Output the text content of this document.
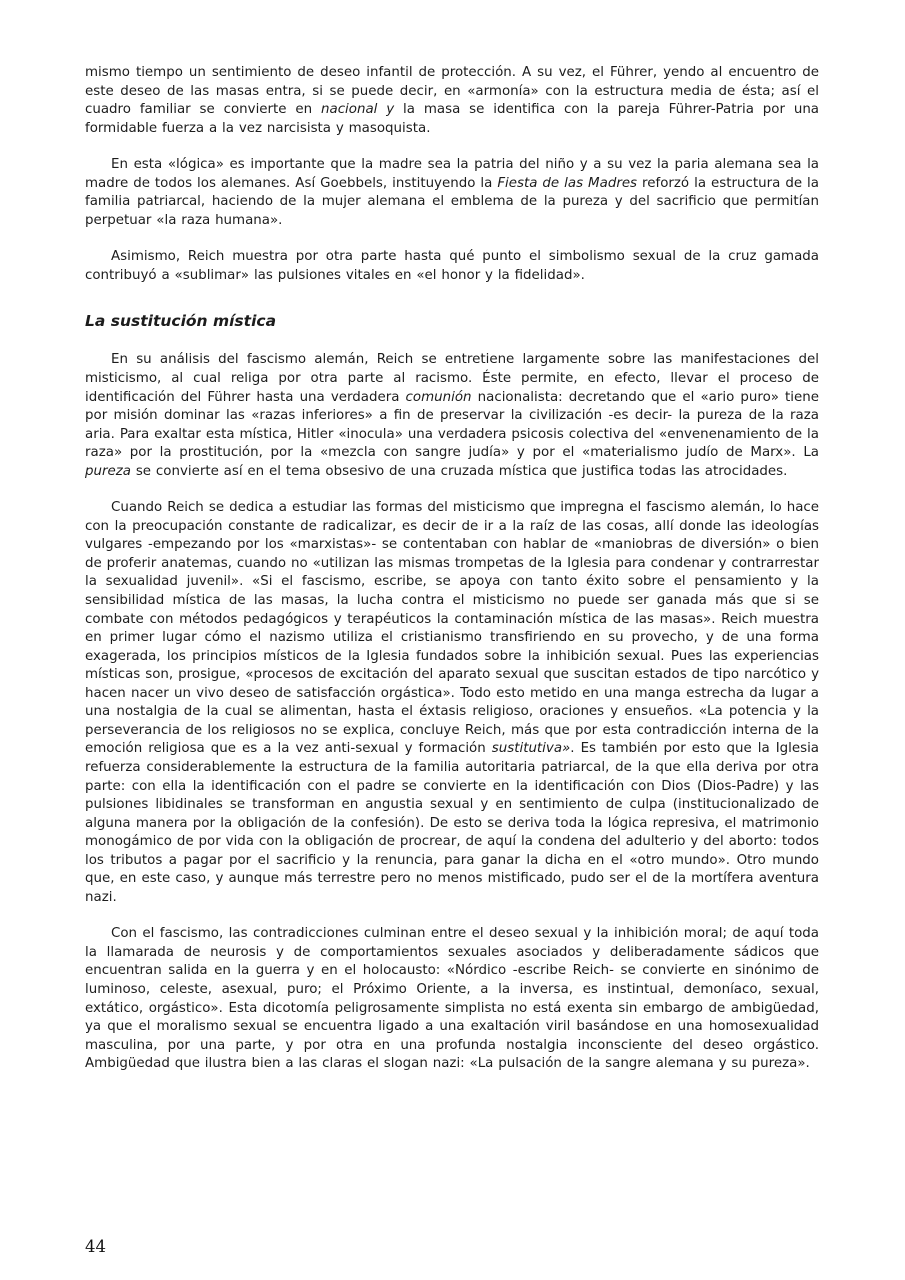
mismo tiempo un sentimiento de deseo infantil de protección. A su vez, el Führer, yendo al encuentro de este deseo de las masas entra, si se puede decir, en «armonía» con la estructura media de ésta; así el cuadro familiar se convierte en nacional y la masa se identifica con la pareja Führer-Patria por una formidable fuerza a la vez narcisista y masoquista.

En esta «lógica» es importante que la madre sea la patria del niño y a su vez la paria alemana sea la madre de todos los alemanes. Así Goebbels, instituyendo la Fiesta de las Madres reforzó la estructura de la familia patriarcal, haciendo de la mujer alemana el emblema de la pureza y del sacrificio que permitían perpetuar «la raza humana».

Asimismo, Reich muestra por otra parte hasta qué punto el simbolismo sexual de la cruz gamada contribuyó a «sublimar» las pulsiones vitales en «el honor y la fidelidad».

La sustitución mística

En su análisis del fascismo alemán, Reich se entretiene largamente sobre las manifestaciones del misticismo, al cual religa por otra parte al racismo. Éste permite, en efecto, llevar el proceso de identificación del Führer hasta una verdadera comunión nacionalista: decretando que el «ario puro» tiene por misión dominar las «razas inferiores» a fin de preservar la civilización -es decir- la pureza de la raza aria. Para exaltar esta mística, Hitler «inocula» una verdadera psicosis colectiva del «envenenamiento de la raza» por la prostitución, por la «mezcla con sangre judía» y por el «materialismo judío de Marx». La pureza se convierte así en el tema obsesivo de una cruzada mística que justifica todas las atrocidades.

Cuando Reich se dedica a estudiar las formas del misticismo que impregna el fascismo alemán, lo hace con la preocupación constante de radicalizar, es decir de ir a la raíz de las cosas, allí donde las ideologías vulgares -empezando por los «marxistas»- se contentaban con hablar de «maniobras de diversión» o bien de proferir anatemas, cuando no «utilizan las mismas trompetas de la Iglesia para condenar y contrarrestar la sexualidad juvenil». «Si el fascismo, escribe, se apoya con tanto éxito sobre el pensamiento y la sensibilidad mística de las masas, la lucha contra el misticismo no puede ser ganada más que si se combate con métodos pedagógicos y terapéuticos la contaminación mística de las masas». Reich muestra en primer lugar cómo el nazismo utiliza el cristianismo transfiriendo en su provecho, y de una forma exagerada, los principios místicos de la Iglesia fundados sobre la inhibición sexual. Pues las experiencias místicas son, prosigue, «procesos de excitación del aparato sexual que suscitan estados de tipo narcótico y hacen nacer un vivo deseo de satisfacción orgástica». Todo esto metido en una manga estrecha da lugar a una nostalgia de la cual se alimentan, hasta el éxtasis religioso, oraciones y ensueños. «La potencia y la perseverancia de los religiosos no se explica, concluye Reich, más que por esta contradicción interna de la emoción religiosa que es a la vez anti-sexual y formación sustitutiva». Es también por esto que la Iglesia refuerza considerablemente la estructura de la familia autoritaria patriarcal, de la que ella deriva por otra parte: con ella la identificación con el padre se convierte en la identificación con Dios (Dios-Padre) y las pulsiones libidinales se transforman en angustia sexual y en sentimiento de culpa (institucionalizado de alguna manera por la obligación de la confesión). De esto se deriva toda la lógica represiva, el matrimonio monogámico de por vida con la obligación de procrear, de aquí la condena del adulterio y del aborto: todos los tributos a pagar por el sacrificio y la renuncia, para ganar la dicha en el «otro mundo». Otro mundo que, en este caso, y aunque más terrestre pero no menos mistificado, pudo ser el de la mortífera aventura nazi.

Con el fascismo, las contradicciones culminan entre el deseo sexual y la inhibición moral; de aquí toda la llamarada de neurosis y de comportamientos sexuales asociados y deliberadamente sádicos que encuentran salida en la guerra y en el holocausto: «Nórdico -escribe Reich- se convierte en sinónimo de luminoso, celeste, asexual, puro; el Próximo Oriente, a la inversa, es instintual, demoníaco, sexual, extático, orgástico». Esta dicotomía peligrosamente simplista no está exenta sin embargo de ambigüedad, ya que el moralismo sexual se encuentra ligado a una exaltación viril basándose en una homosexualidad masculina, por una parte, y por otra en una profunda nostalgia inconsciente del deseo orgástico. Ambigüedad que ilustra bien a las claras el slogan nazi: «La pulsación de la sangre alemana y su pureza».

44
